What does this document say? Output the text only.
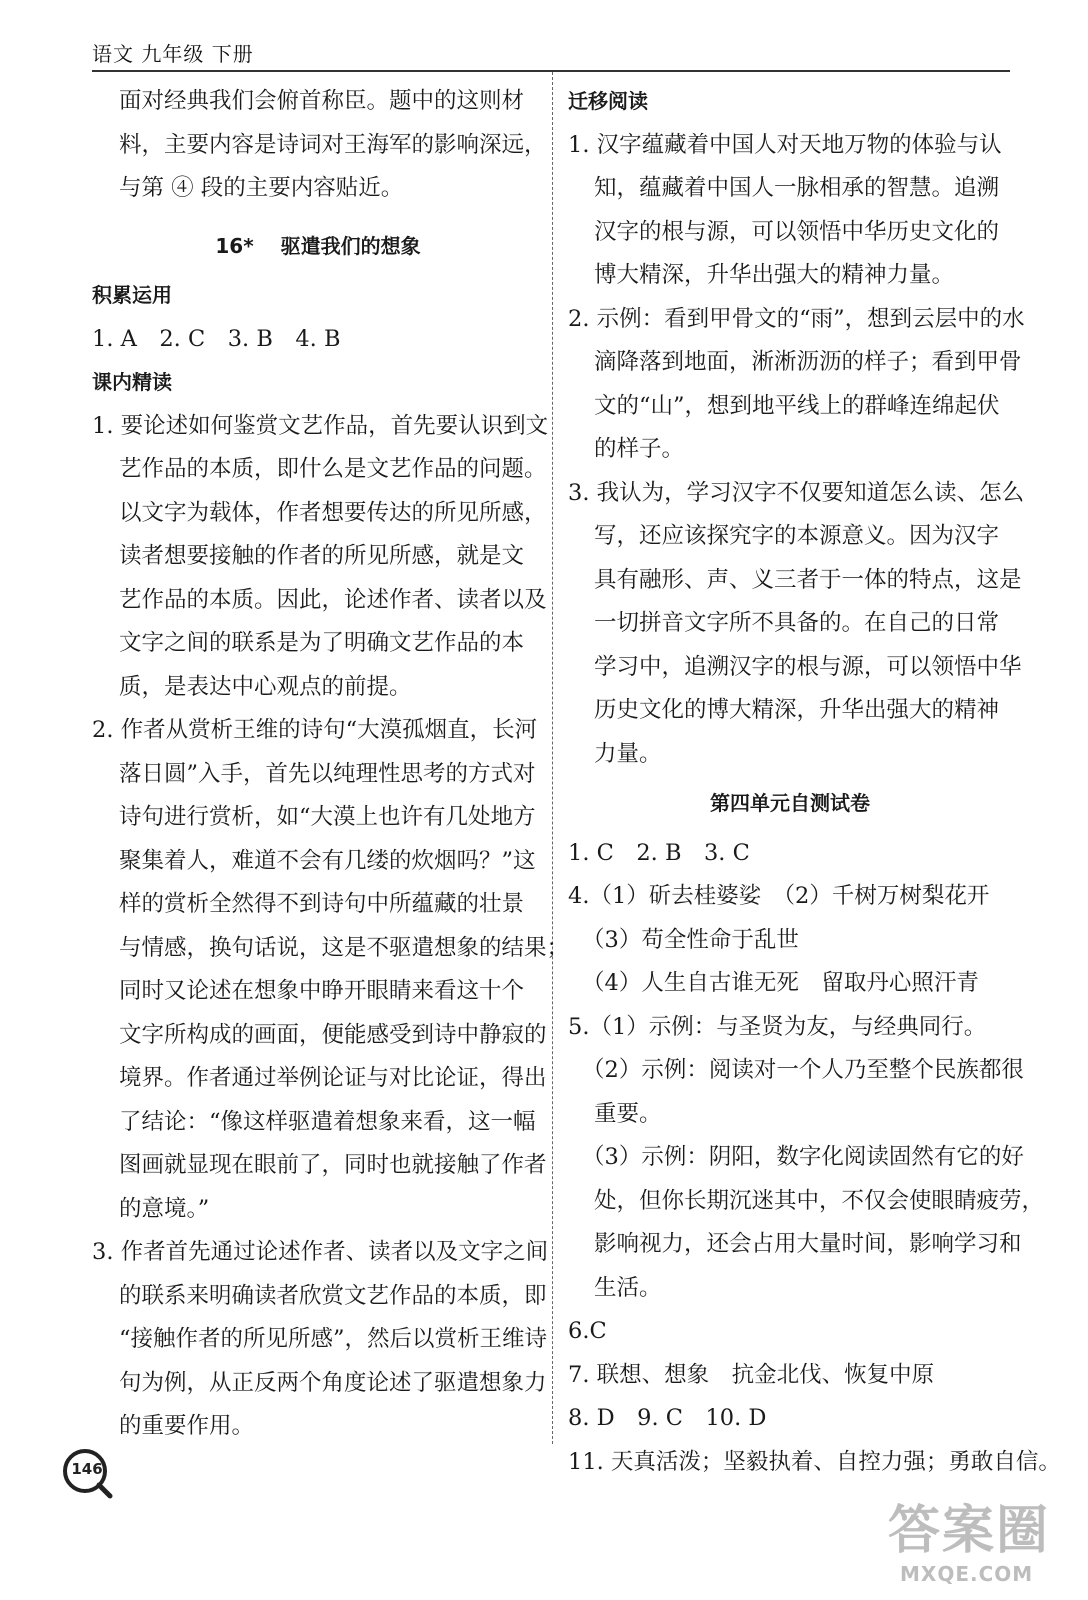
语文 九年级 下册
面对经典我们会俯首称臣。题中的这则材
料，主要内容是诗词对王海军的影响深远，
与第 ④ 段的主要内容贴近。
16*　 驱遣我们的想象
积累运用
1. A　2. C　3. B　4. B
课内精读
1. 要论述如何鉴赏文艺作品，首先要认识到文
艺作品的本质，即什么是文艺作品的问题。
以文字为载体，作者想要传达的所见所感，
读者想要接触的作者的所见所感，就是文
艺作品的本质。因此，论述作者、读者以及
文字之间的联系是为了明确文艺作品的本
质，是表达中心观点的前提。
2. 作者从赏析王维的诗句“大漠孤烟直，长河
落日圆”入手，首先以纯理性思考的方式对
诗句进行赏析，如“大漠上也许有几处地方
聚集着人，难道不会有几缕的炊烟吗？”这
样的赏析全然得不到诗句中所蕴藏的壮景
与情感，换句话说，这是不驱遣想象的结果；
同时又论述在想象中睁开眼睛来看这十个
文字所构成的画面，便能感受到诗中静寂的
境界。作者通过举例论证与对比论证，得出
了结论：“像这样驱遣着想象来看，这一幅
图画就显现在眼前了，同时也就接触了作者
的意境。”
3. 作者首先通过论述作者、读者以及文字之间
的联系来明确读者欣赏文艺作品的本质，即
“接触作者的所见所感”，然后以赏析王维诗
句为例，从正反两个角度论述了驱遣想象力
的重要作用。
迁移阅读
1. 汉字蕴藏着中国人对天地万物的体验与认
知，蕴藏着中国人一脉相承的智慧。追溯
汉字的根与源，可以领悟中华历史文化的
博大精深，升华出强大的精神力量。
2. 示例：看到甲骨文的“雨”，想到云层中的水
滴降落到地面，淅淅沥沥的样子；看到甲骨
文的“山”，想到地平线上的群峰连绵起伏
的样子。
3. 我认为，学习汉字不仅要知道怎么读、怎么
写，还应该探究字的本源意义。因为汉字
具有融形、声、义三者于一体的特点，这是
一切拼音文字所不具备的。在自己的日常
学习中，追溯汉字的根与源，可以领悟中华
历史文化的博大精深，升华出强大的精神
力量。
第四单元自测试卷
1. C　2. B　3. C
4.（1）斫去桂婆娑　（2）千树万树梨花开
（3）苟全性命于乱世
（4）人生自古谁无死　留取丹心照汗青
5.（1）示例：与圣贤为友，与经典同行。
（2）示例：阅读对一个人乃至整个民族都很
重要。
（3）示例：阴阳，数字化阅读固然有它的好
处，但你长期沉迷其中，不仅会使眼睛疲劳，
影响视力，还会占用大量时间，影响学习和
生活。
6.C
7. 联想、想象　抗金北伐、恢复中原
8. D　9. C　10. D
11. 天真活泼；坚毅执着、自控力强；勇敢自信。
146
答案圈
MXQE.COM
